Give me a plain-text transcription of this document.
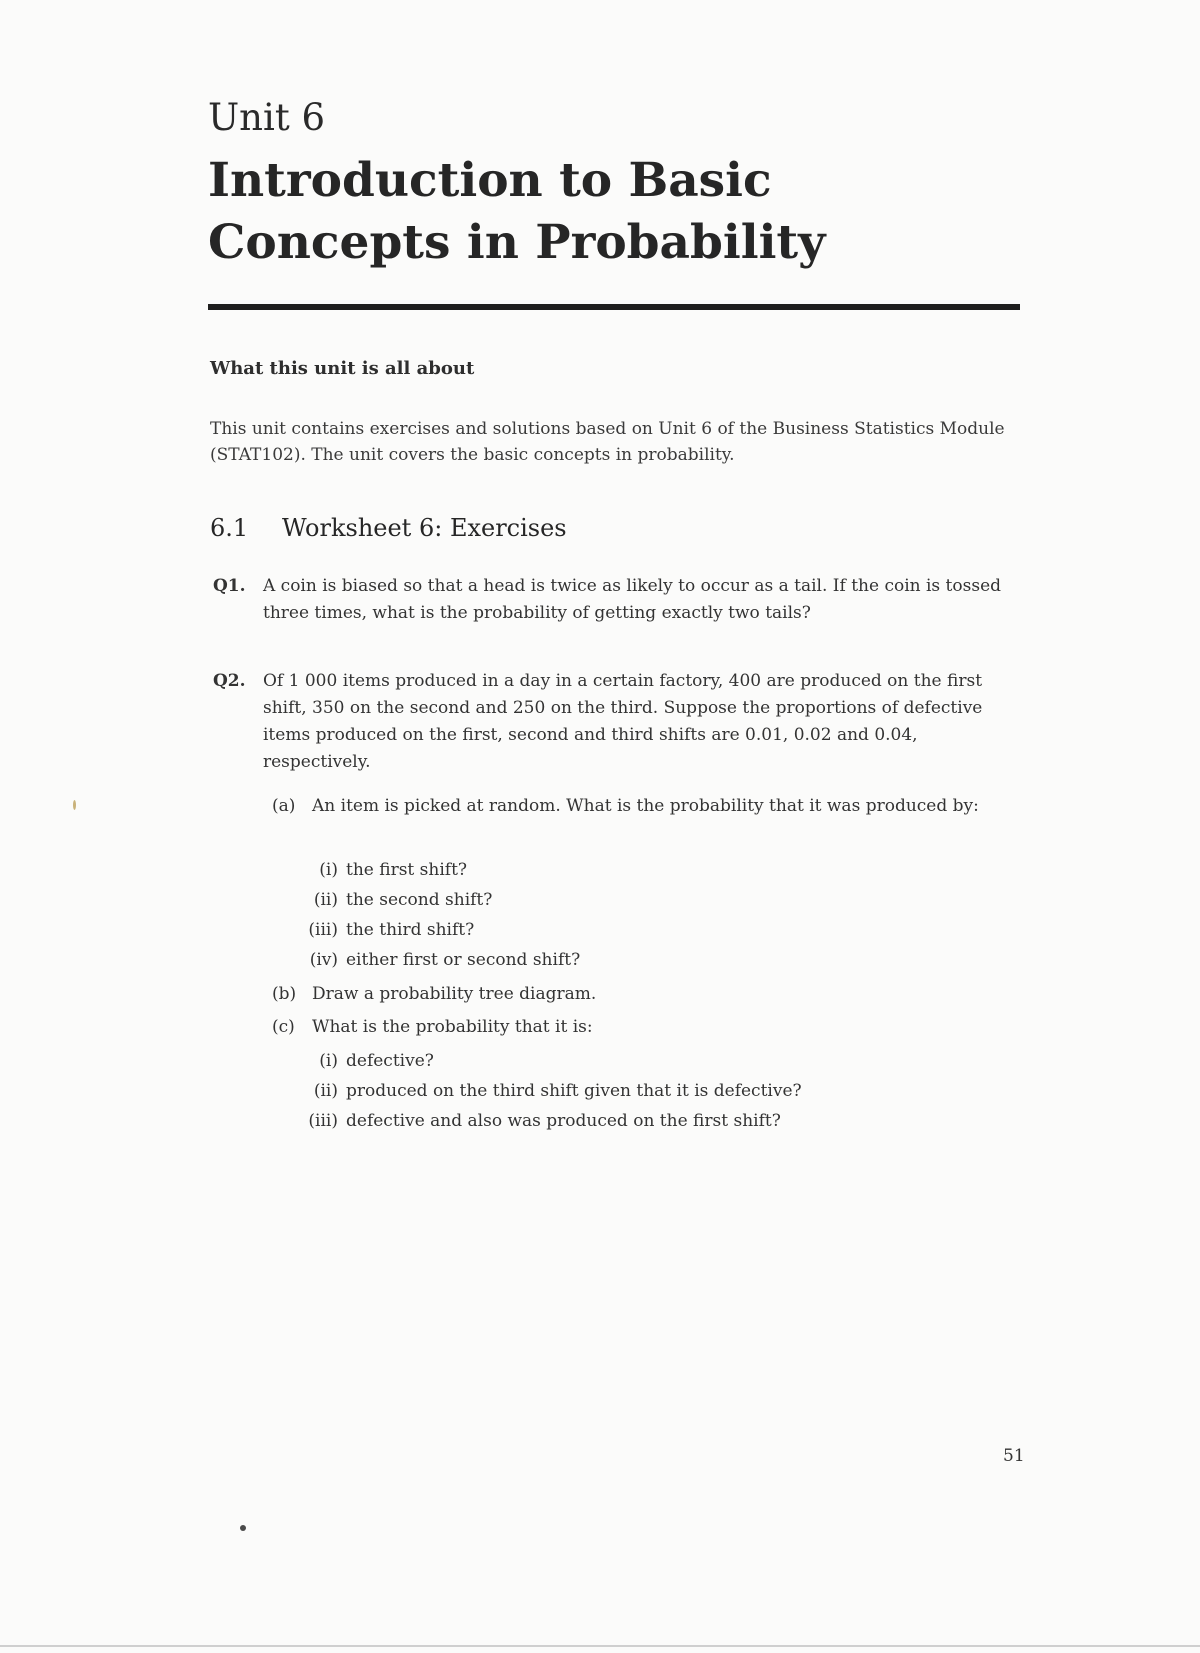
Unit 6
Introduction to Basic Concepts in Probability
What this unit is all about
This unit contains exercises and solutions based on Unit 6 of the Business Statistics Module (STAT102). The unit covers the basic concepts in probability.
6.1 Worksheet 6: Exercises
Q1. A coin is biased so that a head is twice as likely to occur as a tail. If the coin is tossed three times, what is the probability of getting exactly two tails?
Q2. Of 1 000 items produced in a day in a certain factory, 400 are produced on the first shift, 350 on the second and 250 on the third. Suppose the proportions of defective items produced on the first, second and third shifts are 0.01, 0.02 and 0.04, respectively.
(a) An item is picked at random. What is the probability that it was produced by:
(i) the first shift?
(ii) the second shift?
(iii) the third shift?
(iv) either first or second shift?
(b) Draw a probability tree diagram.
(c) What is the probability that it is:
(i) defective?
(ii) produced on the third shift given that it is defective?
(iii) defective and also was produced on the first shift?
51
